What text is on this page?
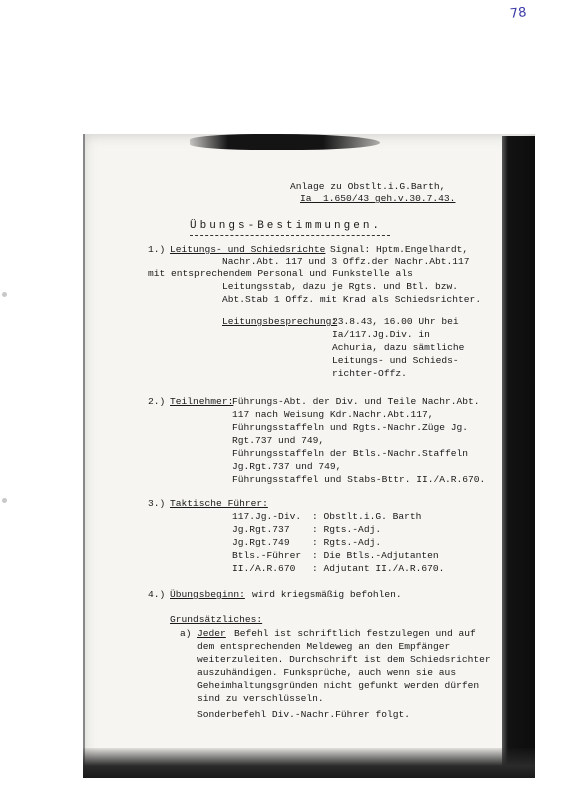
78
Anlage zu Obstlt.i.G.Barth,
Ia  1.650/43 geh.v.30.7.43.
Übungs-Bestimmungen.
1.) Leitungs- und Schiedsrichte Signal: Hptm.Engelhardt,
Nachr.Abt. 117 und 3 Offz.der Nachr.Abt.117
mit entsprechendem Personal und Funkstelle als
Leitungsstab, dazu je Rgts. und Btl. bzw.
Abt.Stab 1 Offz. mit Krad als Schiedsrichter.
Leitungsbesprechung:
23.8.43, 16.00 Uhr bei
Ia/117.Jg.Div. in
Achuria, dazu sämtliche
Leitungs- und Schieds-
richter-Offz.
2.) Teilnehmer:
Führungs-Abt. der Div. und Teile Nachr.Abt.
117 nach Weisung Kdr.Nachr.Abt.117,
Führungsstaffeln und Rgts.-Nachr.Züge Jg.
Rgt.737 und 749,
Führungsstaffeln der Btls.-Nachr.Staffeln
Jg.Rgt.737 und 749,
Führungsstaffel und Stabs-Bttr. II./A.R.670.
3.) Taktische Führer:
117.Jg.-Div. : Obstlt.i.G. Barth
Jg.Rgt.737 : Rgts.-Adj.
Jg.Rgt.749 : Rgts.-Adj.
Btls.-Führer : Die Btls.-Adjutanten
II./A.R.670 : Adjutant II./A.R.670.
4.) Übungsbeginn: wird kriegsmäßig befohlen.
Grundsätzliches:
a) Jeder Befehl ist schriftlich festzulegen und auf
dem entsprechenden Meldeweg an den Empfänger
weiterzuleiten. Durchschrift ist dem Schiedsrichter
auszuhändigen. Funksprüche, auch wenn sie aus
Geheimhaltungsgründen nicht gefunkt werden dürfen
sind zu verschlüsseln.
Sonderbefehl Div.-Nachr.Führer folgt.
